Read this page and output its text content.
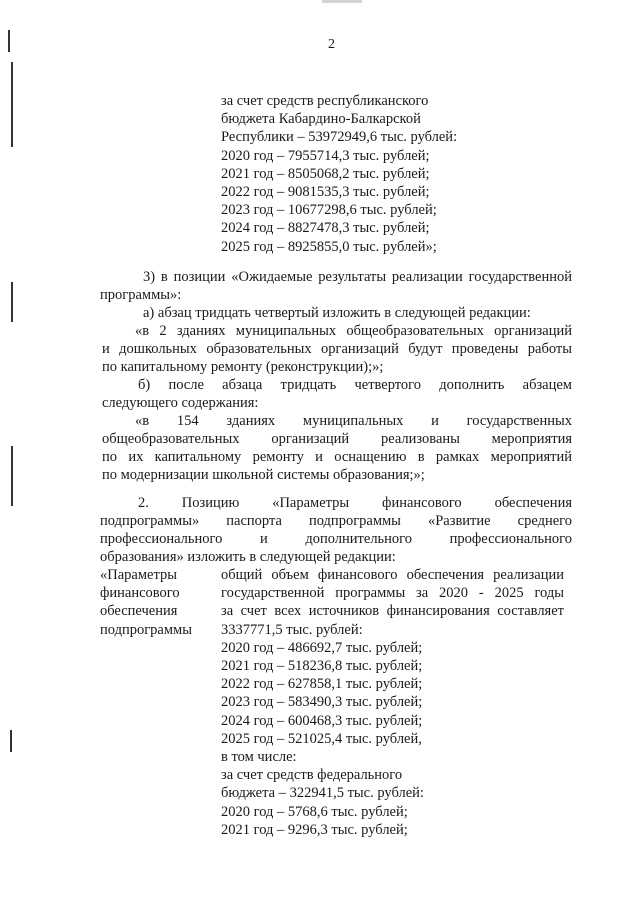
2
за счет средств республиканского
бюджета Кабардино-Балкарской
Республики – 53972949,6 тыс. рублей:
2020 год – 7955714,3 тыс. рублей;
2021 год – 8505068,2 тыс. рублей;
2022 год – 9081535,3 тыс. рублей;
2023 год – 10677298,6 тыс. рублей;
2024 год – 8827478,3 тыс. рублей;
2025 год – 8925855,0 тыс. рублей»;
3) в позиции «Ожидаемые результаты реализации государственной
программы»:
а) абзац тридцать четвертый изложить в следующей редакции:
«в 2 зданиях муниципальных общеобразовательных организаций
и дошкольных образовательных организаций будут проведены работы
по капитальному ремонту (реконструкции);»;
б) после абзаца тридцать четвертого дополнить абзацем
следующего содержания:
«в 154 зданиях муниципальных и государственных
общеобразовательных организаций реализованы мероприятия
по их капитальному ремонту и оснащению в рамках мероприятий
по модернизации школьной системы образования;»;
2. Позицию «Параметры финансового обеспечения
подпрограммы» паспорта подпрограммы «Развитие среднего
профессионального и дополнительного профессионального
образования» изложить в следующей редакции:
«Параметры
финансового
обеспечения
подпрограммы
общий объем финансового обеспечения реализации
государственной программы за 2020 - 2025 годы
за счет всех источников финансирования составляет
3337771,5 тыс. рублей:
2020 год – 486692,7 тыс. рублей;
2021 год – 518236,8 тыс. рублей;
2022 год – 627858,1 тыс. рублей;
2023 год – 583490,3 тыс. рублей;
2024 год – 600468,3 тыс. рублей;
2025 год – 521025,4 тыс. рублей,
в том числе:
за счет средств федерального
бюджета – 322941,5 тыс. рублей:
2020 год – 5768,6 тыс. рублей;
2021 год – 9296,3 тыс. рублей;
